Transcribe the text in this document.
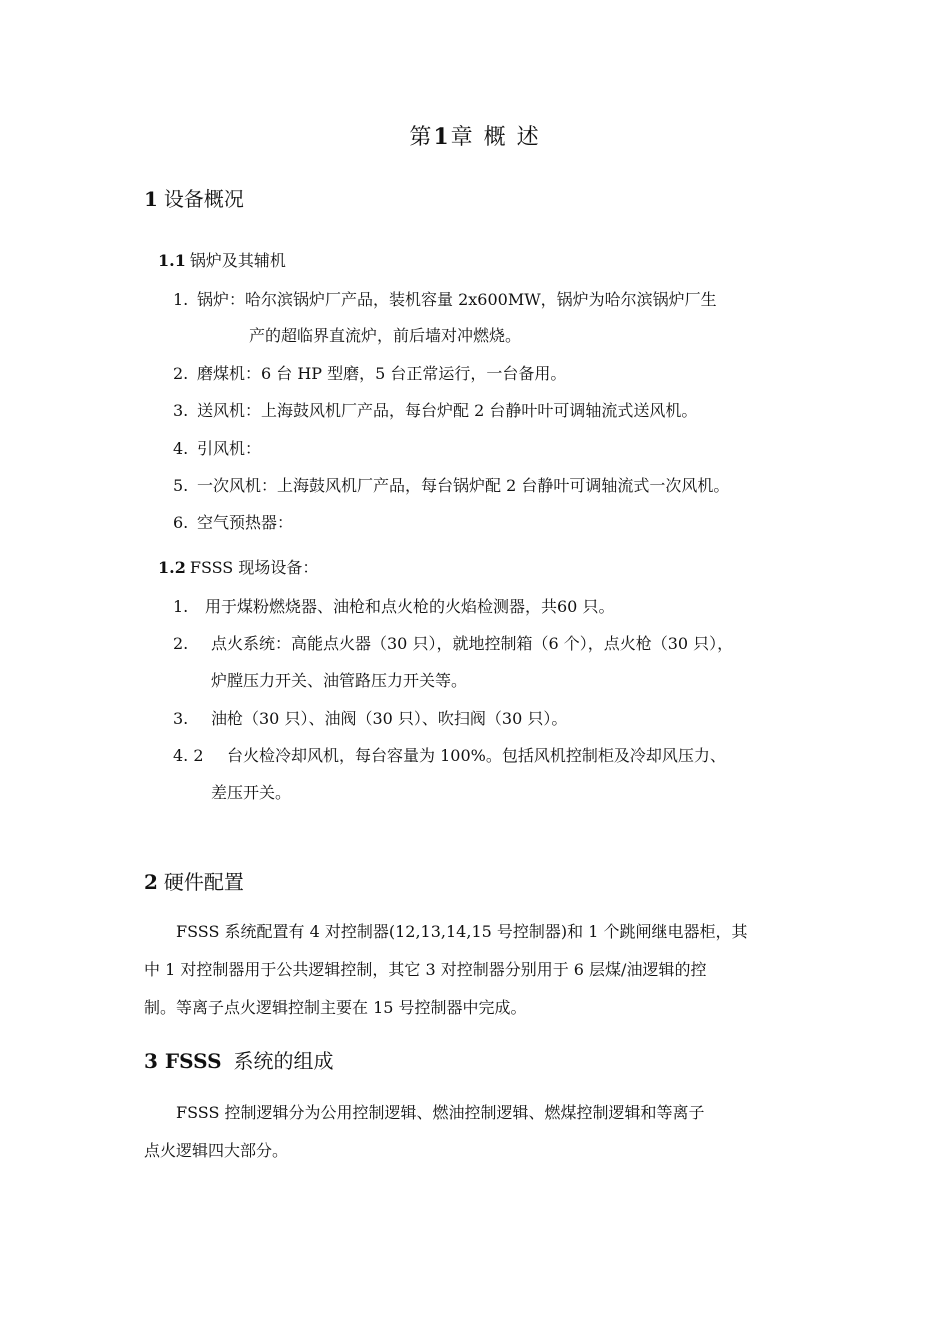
第1章 概 述
1 设备概况
1.1 锅炉及其辅机
1. 锅炉：哈尔滨锅炉厂产品，装机容量 2x600MW，锅炉为哈尔滨锅炉厂生
产的超临界直流炉，前后墙对冲燃烧。
2. 磨煤机：6 台 HP 型磨，5 台正常运行，一台备用。
3. 送风机：上海鼓风机厂产品，每台炉配 2 台静叶叶可调轴流式送风机。
4. 引风机：
5. 一次风机：上海鼓风机厂产品，每台锅炉配 2 台静叶可调轴流式一次风机。
6. 空气预热器：
1.2 FSSS 现场设备：
1. 用于煤粉燃烧器、油枪和点火枪的火焰检测器，共60 只。
2. 点火系统：高能点火器（30 只），就地控制箱（6 个），点火枪（30 只），
炉膛压力开关、油管路压力开关等。
3. 油枪（30 只）、油阀（30 只）、吹扫阀（30 只）。
4. 2 台火检冷却风机，每台容量为 100%。包括风机控制柜及冷却风压力、
差压开关。
2 硬件配置
FSSS 系统配置有 4 对控制器(12,13,14,15 号控制器)和 1 个跳闸继电器柜，其
中 1 对控制器用于公共逻辑控制，其它 3 对控制器分别用于 6 层煤/油逻辑的控
制。等离子点火逻辑控制主要在 15 号控制器中完成。
3 FSSS 系统的组成
FSSS 控制逻辑分为公用控制逻辑、燃油控制逻辑、燃煤控制逻辑和等离子
点火逻辑四大部分。
